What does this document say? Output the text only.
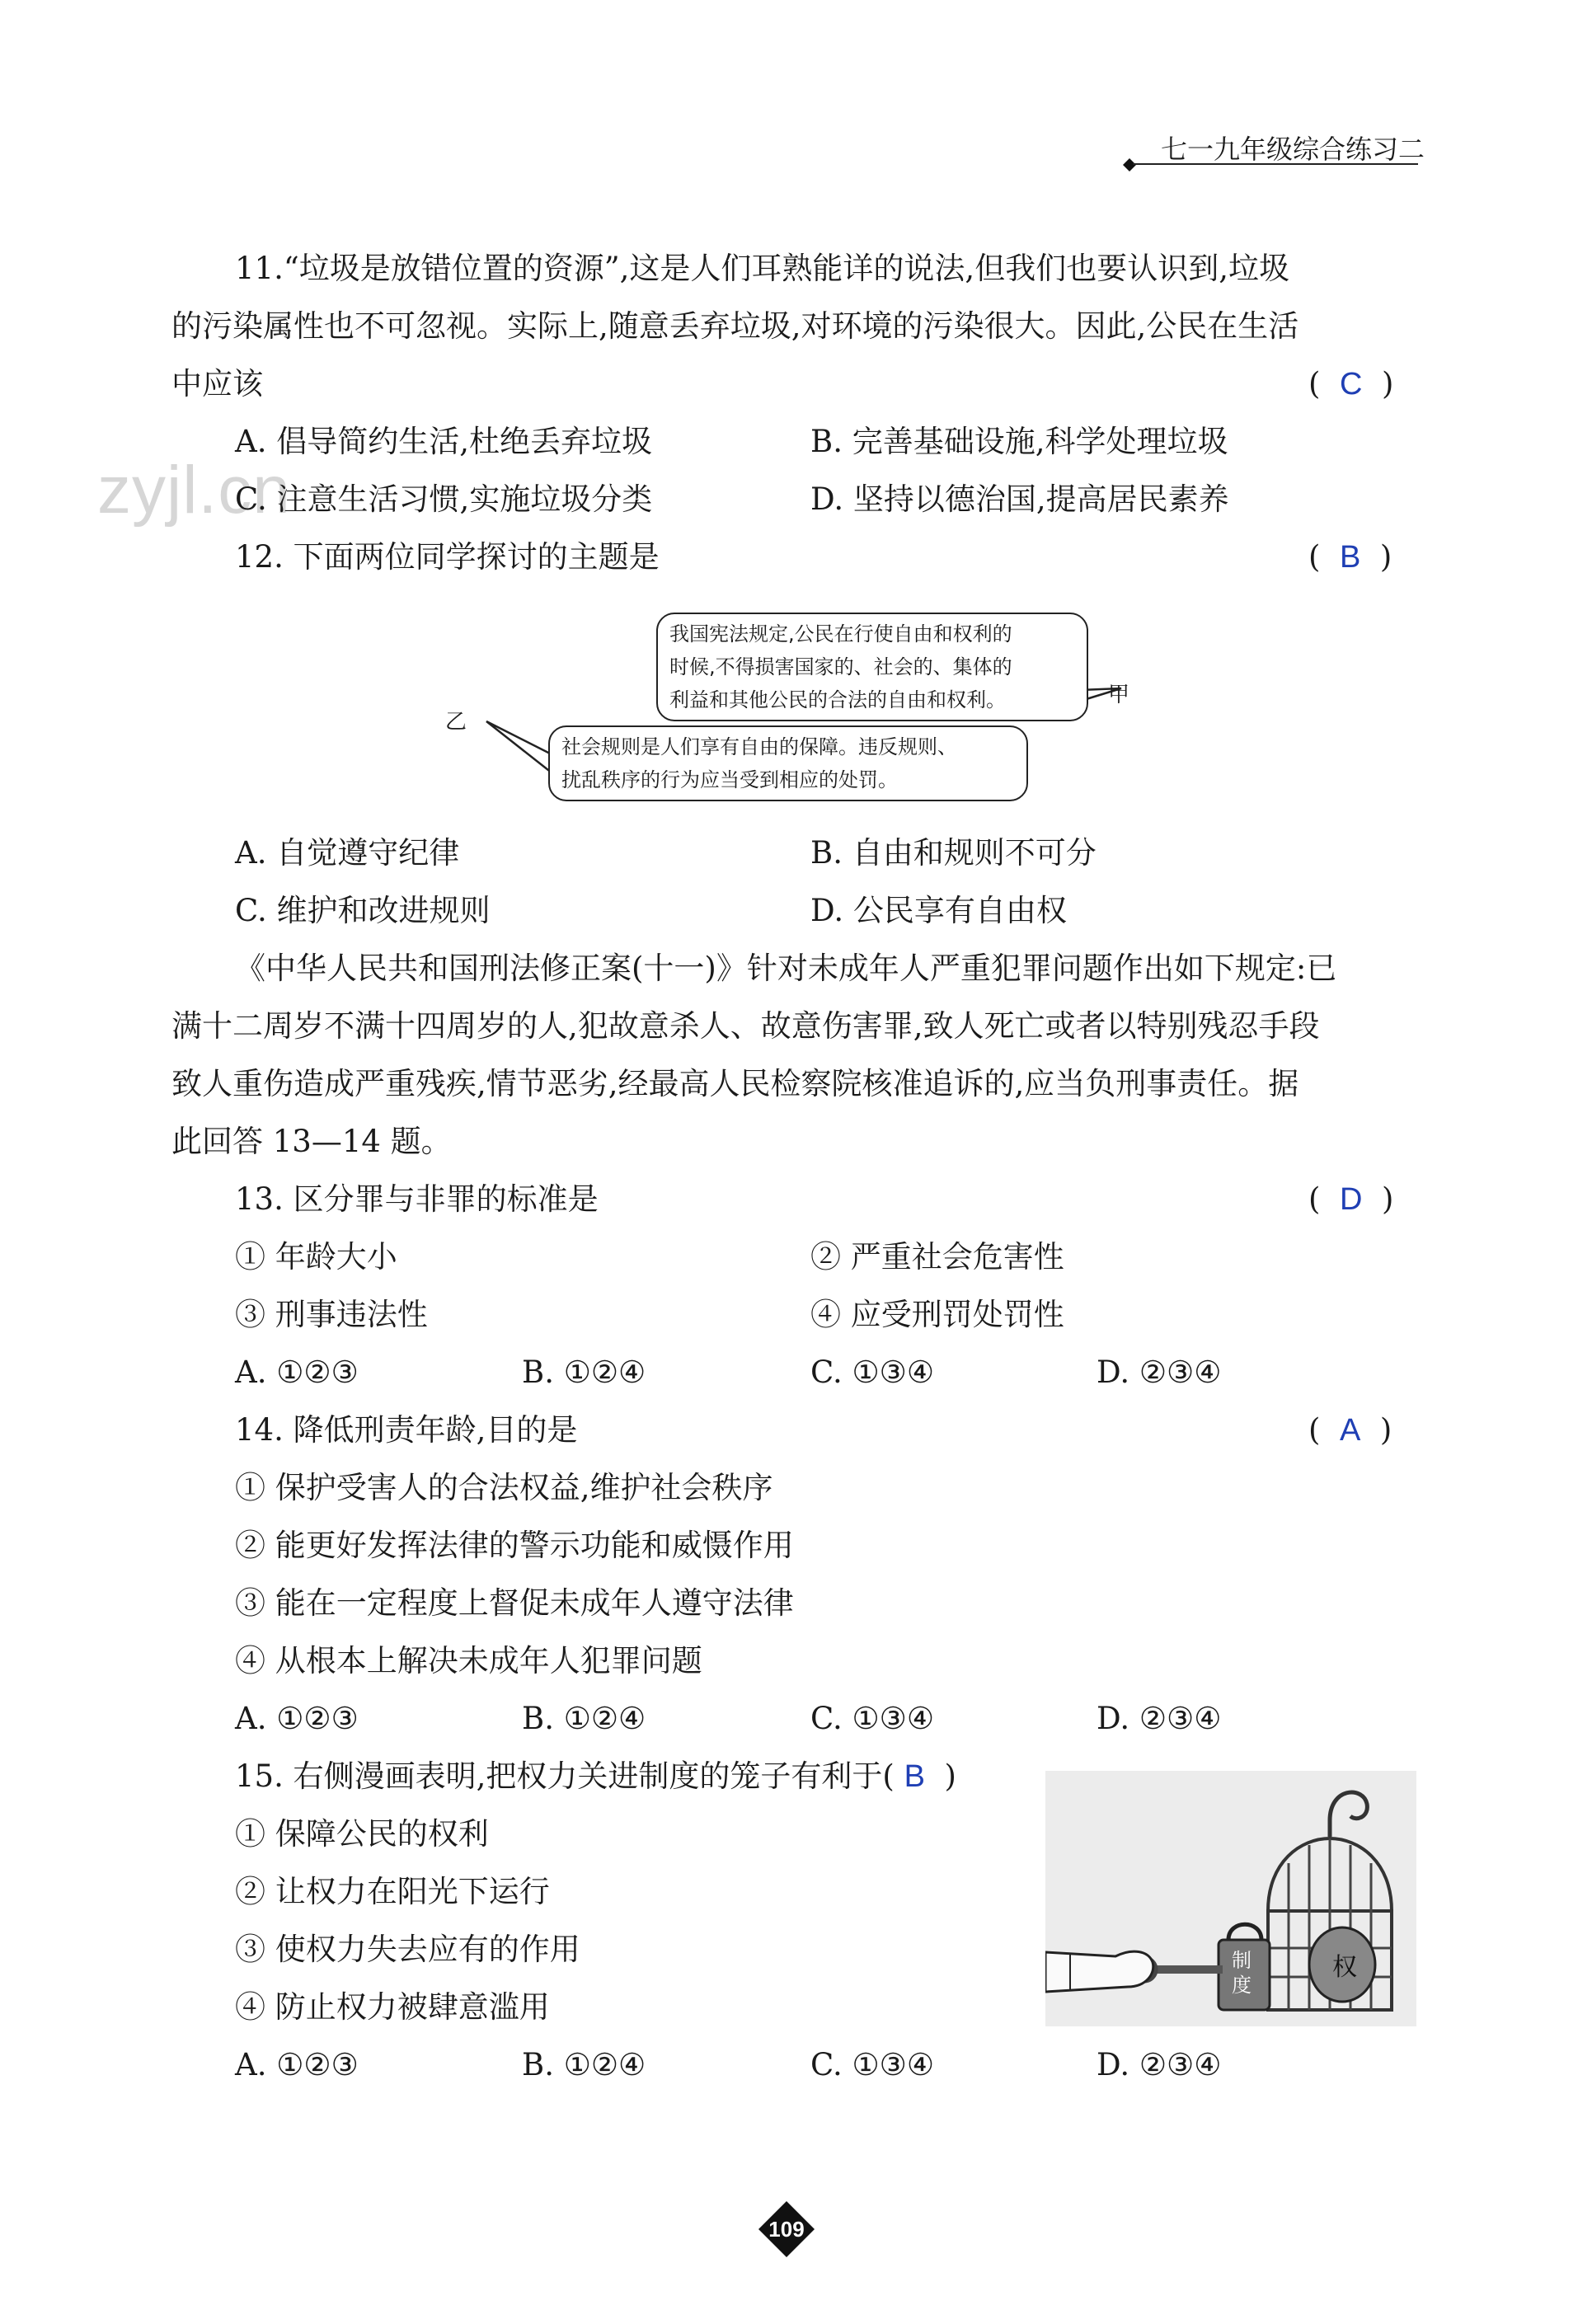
七一九年级综合练习二
zyjl.cn
11.“垃圾是放错位置的资源”,这是人们耳熟能详的说法,但我们也要认识到,垃圾
的污染属性也不可忽视。实际上,随意丢弃垃圾,对环境的污染很大。因此,公民在生活
中应该	(  C  )
A. 倡导简约生活,杜绝丢弃垃圾	B. 完善基础设施,科学处理垃圾
C. 注意生活习惯,实施垃圾分类	D. 坚持以德治国,提高居民素养
12. 下面两位同学探讨的主题是	(  B  )
我国宪法规定,公民在行使自由和权利的
时候,不得损害国家的、社会的、集体的
利益和其他公民的合法的自由和权利。	甲
社会规则是人们享有自由的保障。违反规则、
扰乱秩序的行为应当受到相应的处罚。
乙
A. 自觉遵守纪律	B. 自由和规则不可分
C. 维护和改进规则	D. 公民享有自由权
《中华人民共和国刑法修正案(十一)》针对未成年人严重犯罪问题作出如下规定:已
满十二周岁不满十四周岁的人,犯故意杀人、故意伤害罪,致人死亡或者以特别残忍手段
致人重伤造成严重残疾,情节恶劣,经最高人民检察院核准追诉的,应当负刑事责任。据
此回答 13—14 题。
13. 区分罪与非罪的标准是	(  D  )
① 年龄大小	② 严重社会危害性
③ 刑事违法性	④ 应受刑罚处罚性
A. ①②③	B. ①②④	C. ①③④	D. ②③④
14. 降低刑责年龄,目的是	(  A  )
① 保护受害人的合法权益,维护社会秩序
② 能更好发挥法律的警示功能和威慑作用
③ 能在一定程度上督促未成年人遵守法律
④ 从根本上解决未成年人犯罪问题
A. ①②③	B. ①②④	C. ①③④	D. ②③④
15. 右侧漫画表明,把权力关进制度的笼子有利于( B )
① 保障公民的权利
② 让权力在阳光下运行
③ 使权力失去应有的作用
④ 防止权力被肆意滥用
A. ①②③	B. ①②④	C. ①③④	D. ②③④
权
制
度
109
